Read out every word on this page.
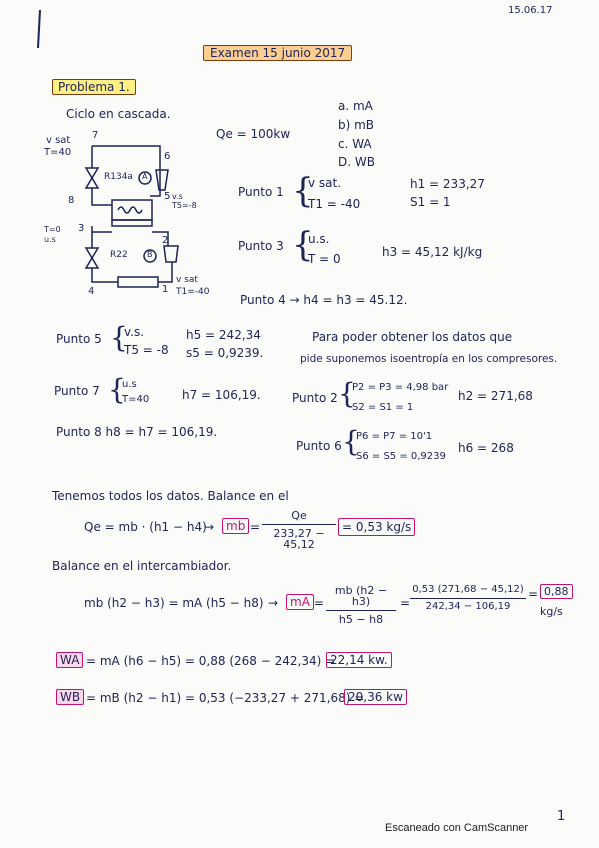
15.06.17
Examen 15 junio 2017
Problema 1.
Ciclo en cascada.
Qe = 100kw
a. mA
b) mB
c. WA
D. WB
v sat
T=40
7
6
8	5 v.s
T5=-8
3
T=0
u.s	2
4	1
v sat
T1=-40
R134a A
R22 B
Punto 1 {
v sat.
T1 = -40
h1 = 233,27
S1 = 1
Punto 3 {
u.s.
T = 0	h3 = 45,12 kJ/kg
Punto 4 → h4 = h3 = 45.12.
Punto 5 {
v.s.
T5 = -8
h5 = 242,34
s5 = 0,9239.
Para poder obtener los datos que
pide suponemos isoentropía en los compresores.
Punto 7 {
u.s
T=40	h7 = 106,19.	Punto 2 {
P2 = P3 = 4,98 bar
S2 = S1 = 1
h2 = 271,68
Punto 8 h8 = h7 = 106,19.
Punto 6 {
P6 = P7 = 10'1
S6 = S5 = 0,9239
h6 = 268
Tenemos todos los datos. Balance en el
Qe = mb · (h1 − h4)
→ mb =
Qe
233,27 − 45,12
= 0,53 kg/s
Balance en el intercambiador.
mb (h2 − h3) = mA (h5 − h8) → mA =
mb (h2 − h3)
h5 − h8
=
0,53 (271,68 − 45,12)
242,34 − 106,19
= 0,88
kg/s
WA = mA (h6 − h5) = 0,88 (268 − 242,34) =
22,14 kw.
WB = mB (h2 − h1) = 0,53 (−233,27 + 271,68) =
20,36 kw
1
Escaneado con CamScanner
